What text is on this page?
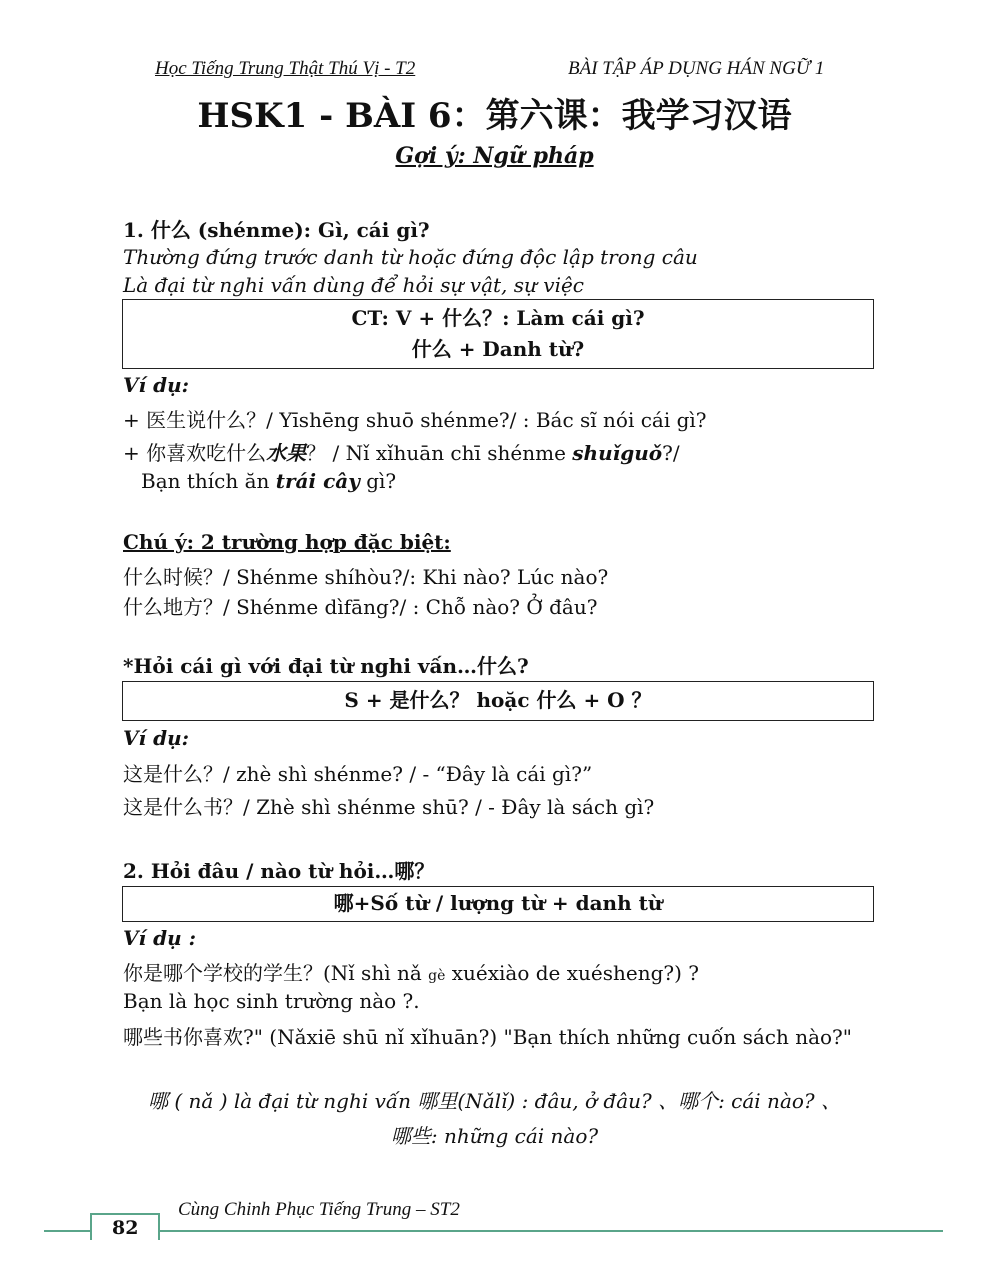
Học Tiếng Trung Thật Thú Vị - T2	BÀI TẬP ÁP DỤNG HÁN NGỮ 1
HSK1 - BÀI 6：第六课：我学习汉语
Gợi ý: Ngữ pháp
1. 什么 (shénme): Gì, cái gì?
Thường đứng trước danh từ hoặc đứng độc lập trong câu
Là đại từ nghi vấn dùng để hỏi sự vật, sự việc
CT: V + 什么？: Làm cái gì?
什么 + Danh từ?
Ví dụ:
+ 医生说什么？/ Yīshēng shuō shénme?/ : Bác sĩ nói cái gì?
+ 你喜欢吃什么水果？ / Nǐ xǐhuān chī shénme shuǐguǒ?/
Bạn thích ăn trái cây gì?
Chú ý: 2 trường hợp đặc biệt:
什么时候？/ Shénme shíhòu?/: Khi nào? Lúc nào?
什么地方？/ Shénme dìfāng?/ : Chỗ nào? Ở đâu?
*Hỏi cái gì với đại từ nghi vấn…什么?
S + 是什么？ hoặc 什么 + O ？
Ví dụ:
这是什么？/ zhè shì shénme? / - “Đây là cái gì?”
这是什么书？/ Zhè shì shénme shū? / - Đây là sách gì?
2. Hỏi đâu / nào từ hỏi…哪？
哪+Số từ / lượng từ + danh từ
Ví dụ :
你是哪个学校的学生？(Nǐ shì nǎ gè xuéxiào de xuésheng?) ?
Bạn là học sinh trường nào ?.
哪些书你喜欢?" (Nǎxiē shū nǐ xǐhuān?) "Bạn thích những cuốn sách nào?"
哪 ( nǎ ) là đại từ nghi vấn 哪里(Nǎlǐ) : đâu, ở đâu? 、哪个: cái nào? 、
哪些: những cái nào?
82
Cùng Chinh Phục Tiếng Trung – ST2
